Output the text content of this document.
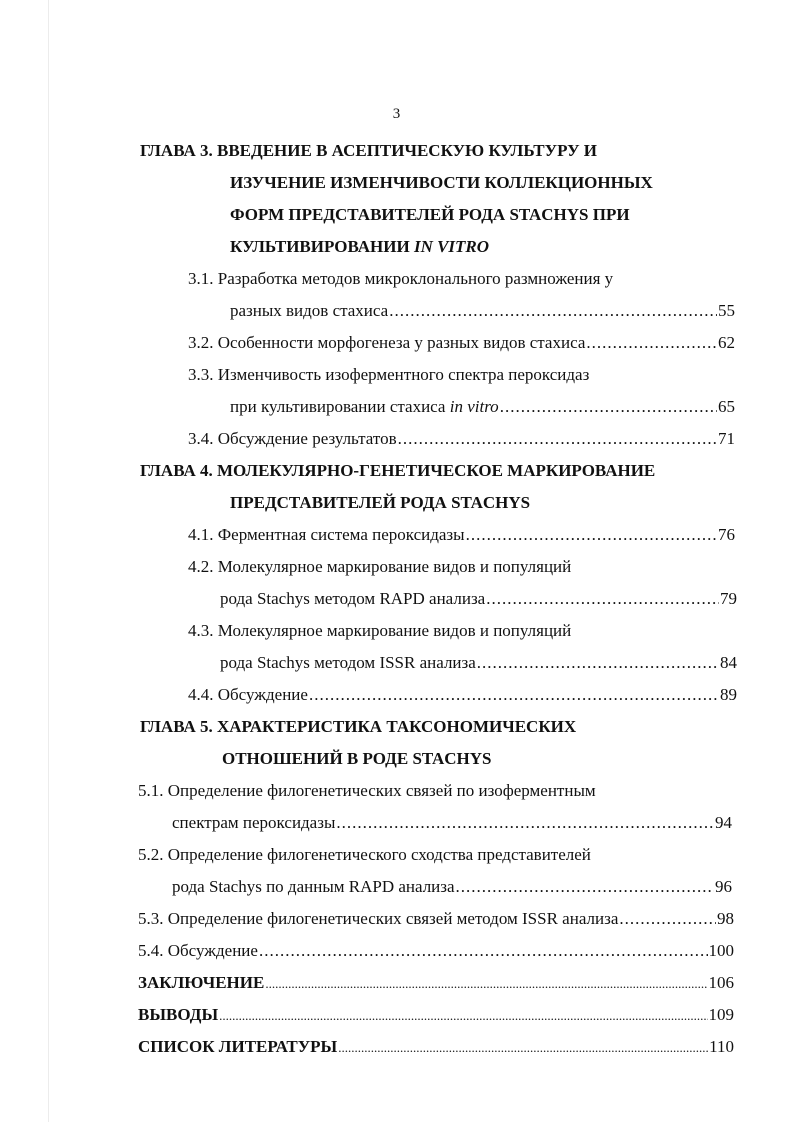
3
ГЛАВА 3. ВВЕДЕНИЕ В АСЕПТИЧЕСКУЮ КУЛЬТУРУ И
ИЗУЧЕНИЕ ИЗМЕНЧИВОСТИ КОЛЛЕКЦИОННЫХ
ФОРМ ПРЕДСТАВИТЕЛЕЙ РОДА STACHYS ПРИ
КУЛЬТИВИРОВАНИИ IN VITRO
3.1. Разработка методов микроклонального размножения у
разных видов стахиса .....	55
3.2. Особенности морфогенеза у разных видов стахиса .....	62
3.3. Изменчивость изоферментного спектра пероксидаз
при культивировании стахиса in vitro .....	65
3.4. Обсуждение результатов .....	71
ГЛАВА 4. МОЛЕКУЛЯРНО-ГЕНЕТИЧЕСКОЕ МАРКИРОВАНИЕ
ПРЕДСТАВИТЕЛЕЙ РОДА STACHYS
4.1. Ферментная система пероксидазы .....	76
4.2. Молекулярное маркирование видов и популяций
рода Stachys методом RAPD анализа .....	79
4.3. Молекулярное маркирование видов и популяций
рода Stachys методом ISSR анализа .....	84
4.4. Обсуждение .....	89
ГЛАВА 5. ХАРАКТЕРИСТИКА ТАКСОНОМИЧЕСКИХ
ОТНОШЕНИЙ В РОДЕ STACHYS
5.1. Определение филогенетических связей по изоферментным
спектрам пероксидазы .....	94
5.2. Определение филогенетического сходства представителей
рода Stachys по данным RAPD анализа .....	96
5.3. Определение филогенетических связей методом ISSR анализа .....	98
5.4. Обсуждение .....	100
ЗАКЛЮЧЕНИЕ .....	106
ВЫВОДЫ .....	109
СПИСОК ЛИТЕРАТУРЫ .....	110
